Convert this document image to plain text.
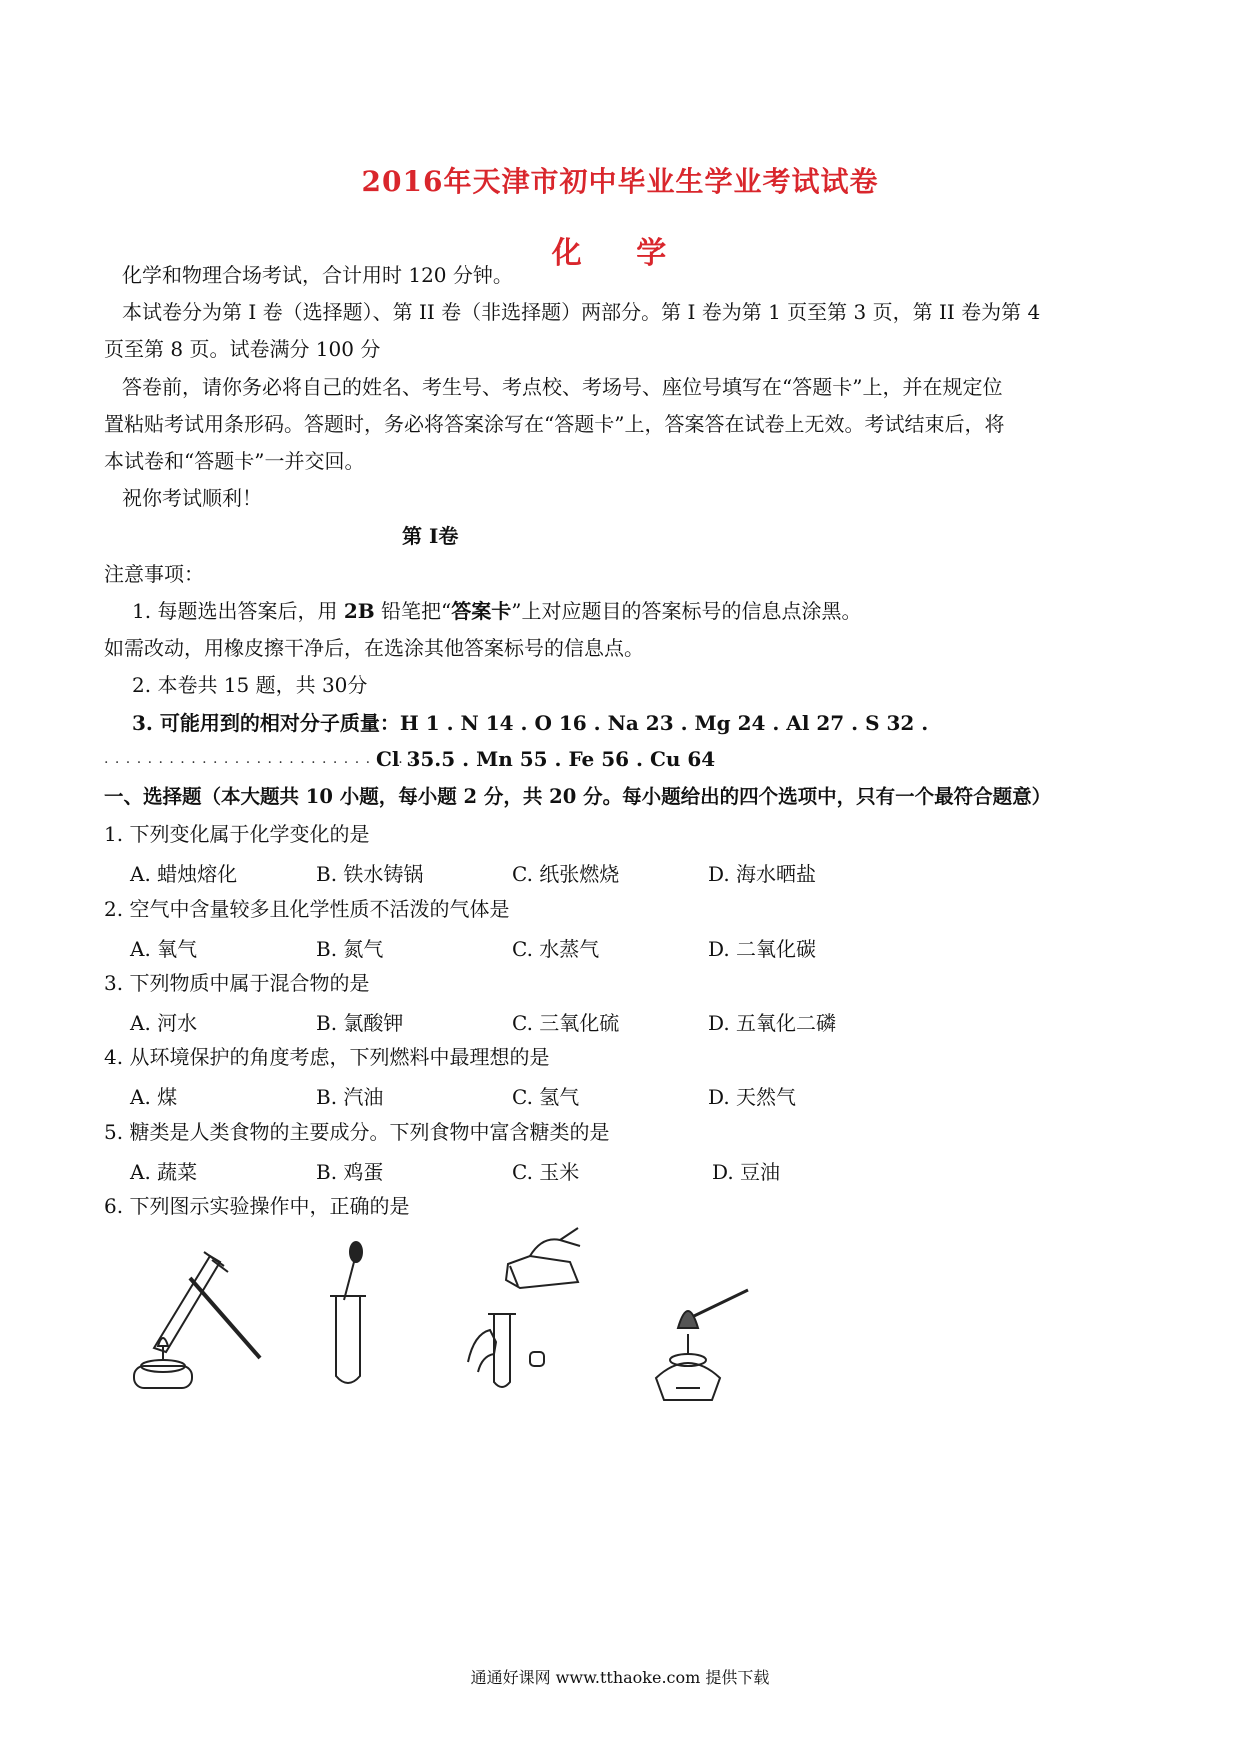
2016年天津市初中毕业生学业考试试卷
化 学
化学和物理合场考试，合计用时 120 分钟。
本试卷分为第 I 卷（选择题）、第 II 卷（非选择题）两部分。第 I 卷为第 1 页至第 3 页，第 II 卷为第 4
页至第 8 页。试卷满分 100 分
答卷前，请你务必将自己的姓名、考生号、考点校、考场号、座位号填写在“答题卡”上，并在规定位
置粘贴考试用条形码。答题时，务必将答案涂写在“答题卡”上，答案答在试卷上无效。考试结束后，将
本试卷和“答题卡”一并交回。
祝你考试顺利！
第 I卷
注意事项：
1. 每题选出答案后，用 2B 铅笔把“答案卡”上对应题目的答案标号的信息点涂黑。
如需改动，用橡皮擦干净后，在选涂其他答案标号的信息点。
2. 本卷共 15 题，共 30分
3. 可能用到的相对分子质量：H 1 . N 14 . O 16 . Na 23 . Mg 24 . Al 27 . S 32 .
. . . . . . . . . . . . . . . . . . . . . . . . . . . . .
Cl 35.5 . Mn 55 . Fe 56 . Cu 64
一、选择题（本大题共 10 小题，每小题 2 分，共 20 分。每小题给出的四个选项中，只有一个最符合题意）
1. 下列变化属于化学变化的是
A. 蜡烛熔化	B. 铁水铸锅	C. 纸张燃烧	D. 海水晒盐
2. 空气中含量较多且化学性质不活泼的气体是
A. 氧气	B. 氮气	C. 水蒸气	D. 二氧化碳
3. 下列物质中属于混合物的是
A. 河水	B. 氯酸钾	C. 三氧化硫	D. 五氧化二磷
4. 从环境保护的角度考虑，下列燃料中最理想的是
A. 煤	B. 汽油	C. 氢气	D. 天然气
5. 糖类是人类食物的主要成分。下列食物中富含糖类的是
A. 蔬菜	B. 鸡蛋	C. 玉米	D. 豆油
6. 下列图示实验操作中，正确的是
通通好课网 www.tthaoke.com 提供下载
